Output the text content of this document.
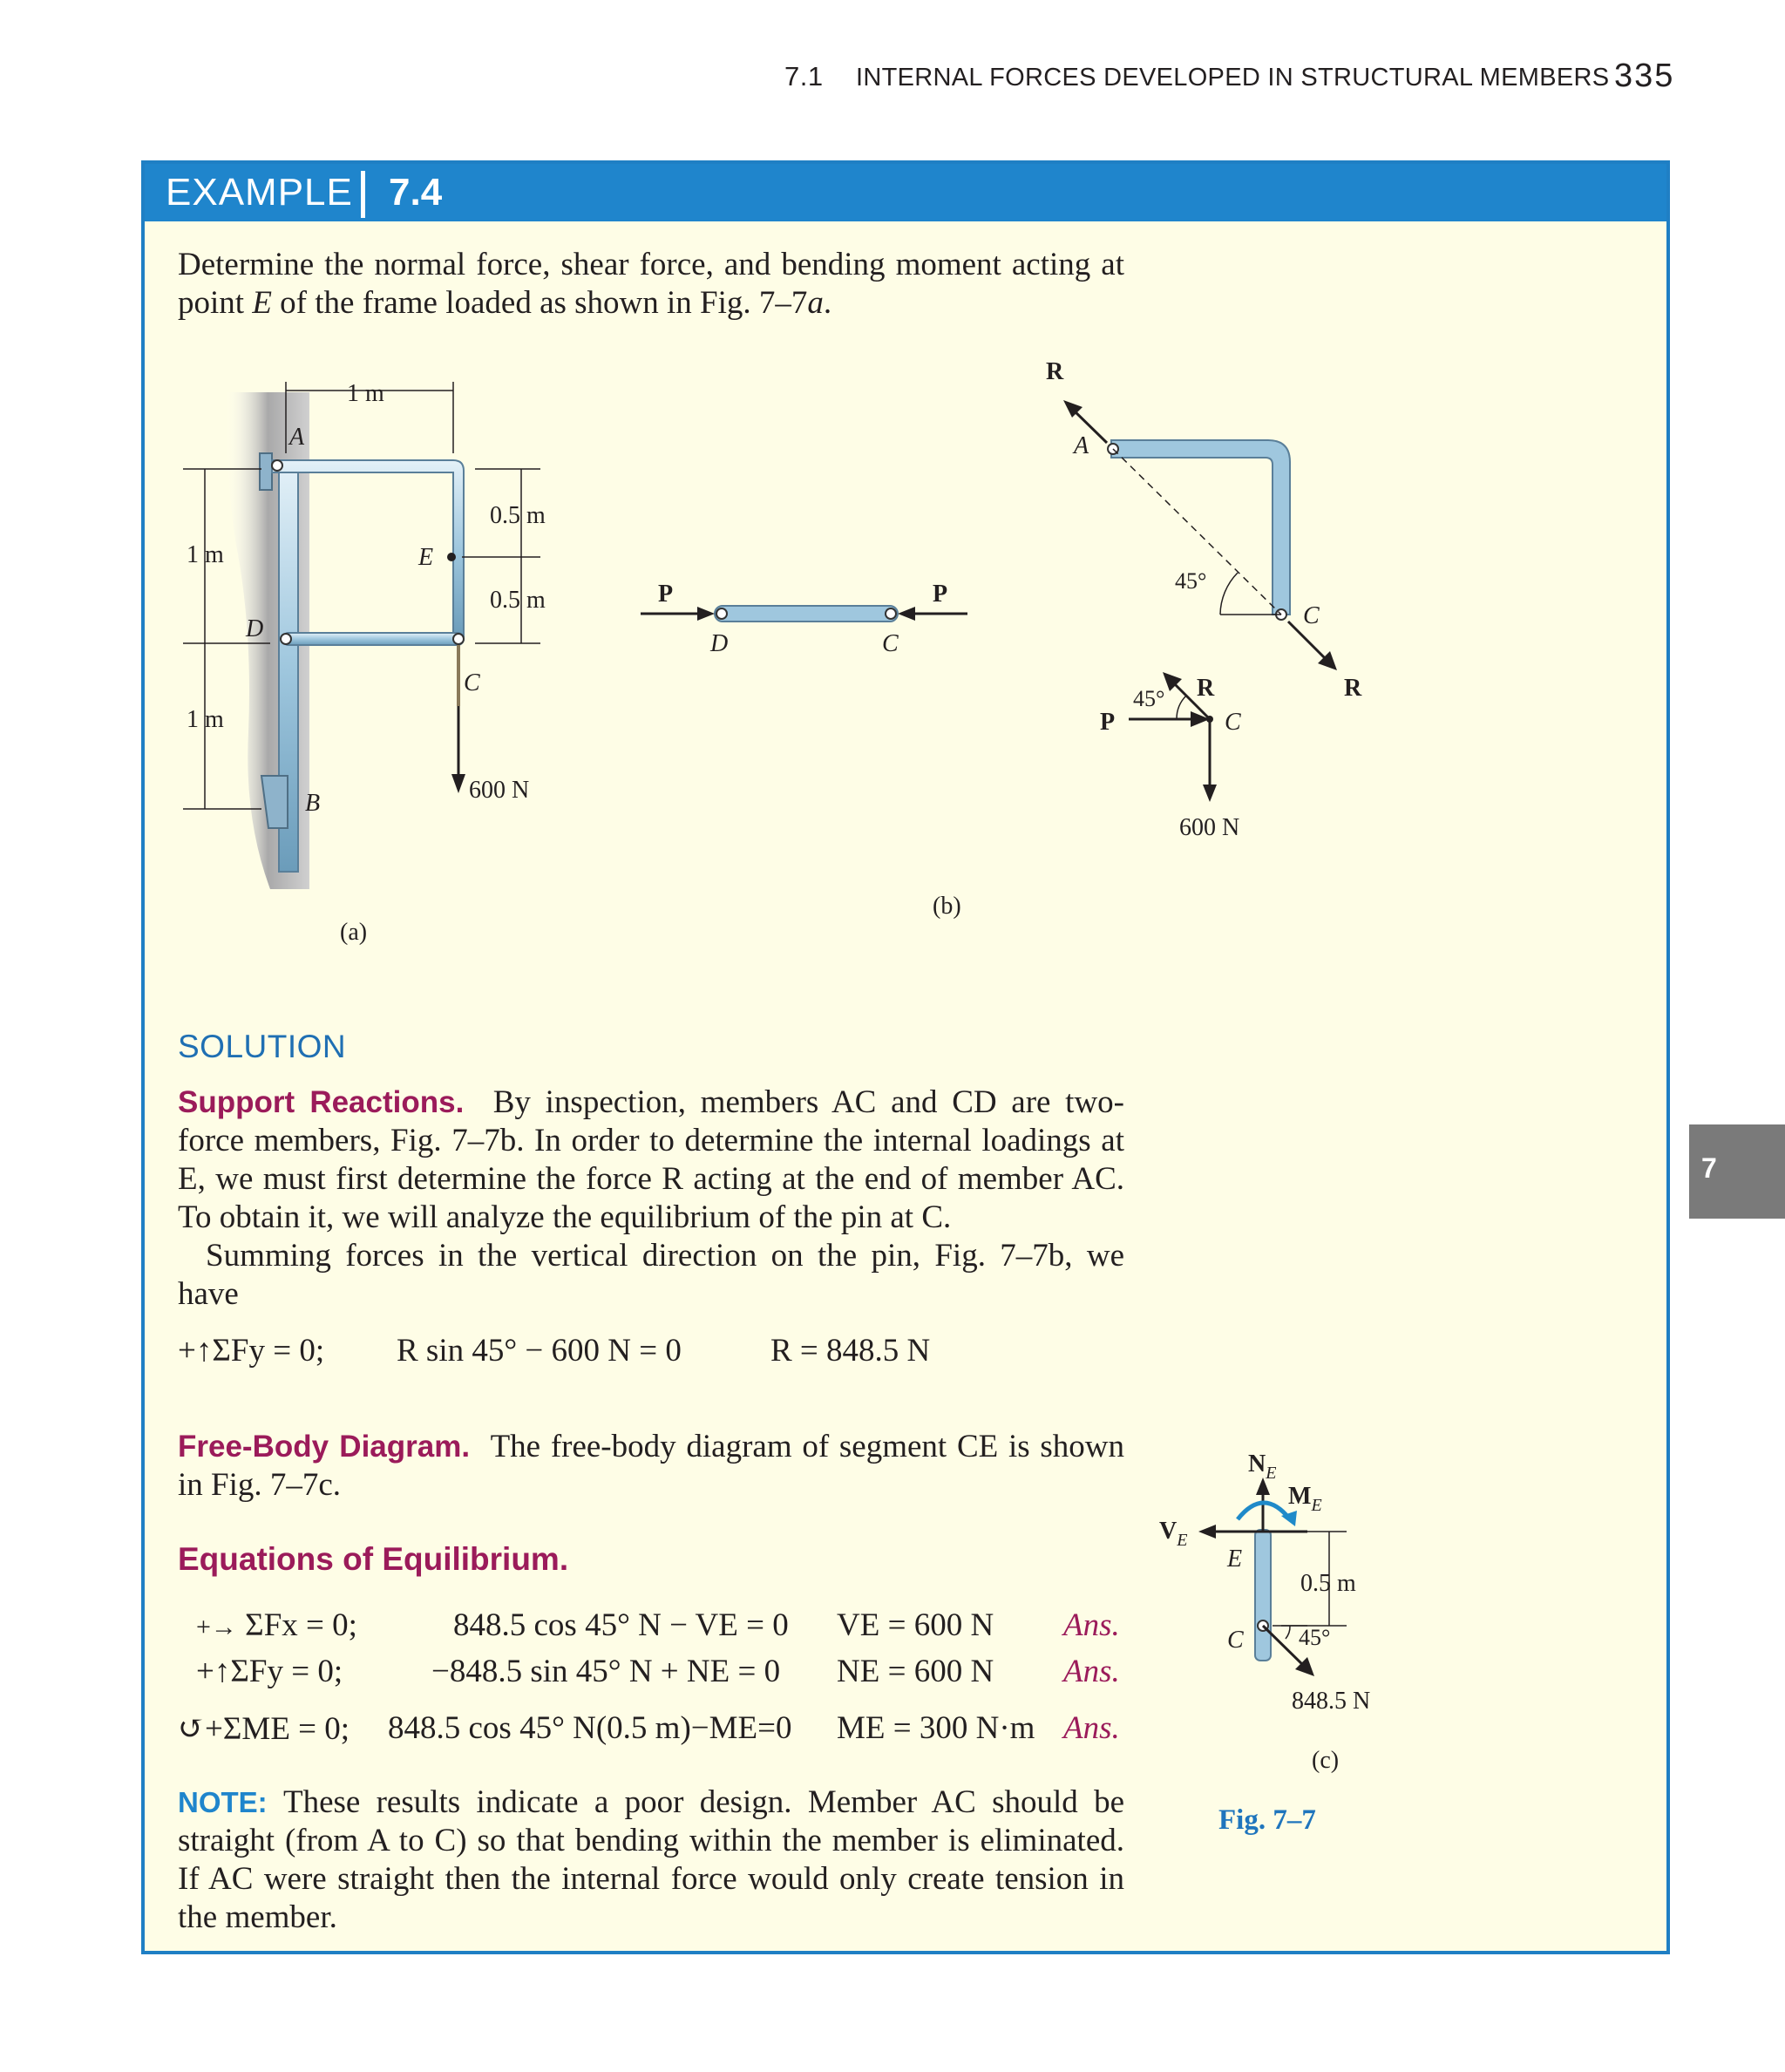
7.1 INTERNAL FORCES DEVELOPED IN STRUCTURAL MEMBERS 335
EXAMPLE 7.4
Determine the normal force, shear force, and bending moment acting at point E of the frame loaded as shown in Fig. 7–7a.
1 m
1 m
1 m
0.5 m
0.5 m
A
E
D
C
B	600 N
(a)
P	P
D	C
(b)
R
R
A
C
45°
P
R
C
45°
600 N
SOLUTION
Support Reactions. By inspection, members AC and CD are two-force members, Fig. 7–7b. In order to determine the internal loadings at E, we must first determine the force R acting at the end of member AC. To obtain it, we will analyze the equilibrium of the pin at C.
Summing forces in the vertical direction on the pin, Fig. 7–7b, we have
+↑ΣFy = 0; R sin 45° − 600 N = 0	R = 848.5 N
Free-Body Diagram. The free-body diagram of segment CE is shown in Fig. 7–7c.
Equations of Equilibrium.
+→ ΣFx = 0;	848.5 cos 45° N − VE = 0 VE = 600 N Ans.
+↑ΣFy = 0;	−848.5 sin 45° N + NE = 0 NE = 600 N Ans.
↺+ΣME = 0; 848.5 cos 45° N(0.5 m)−ME=0 ME = 300 N·m Ans.
NOTE: These results indicate a poor design. Member AC should be straight (from A to C) so that bending within the member is eliminated. If AC were straight then the internal force would only create tension in the member.
$N_E$
$M_E$
$V_E$
E
C
0.5 m
45°
848.5 N
(c)
Fig. 7–7
7
